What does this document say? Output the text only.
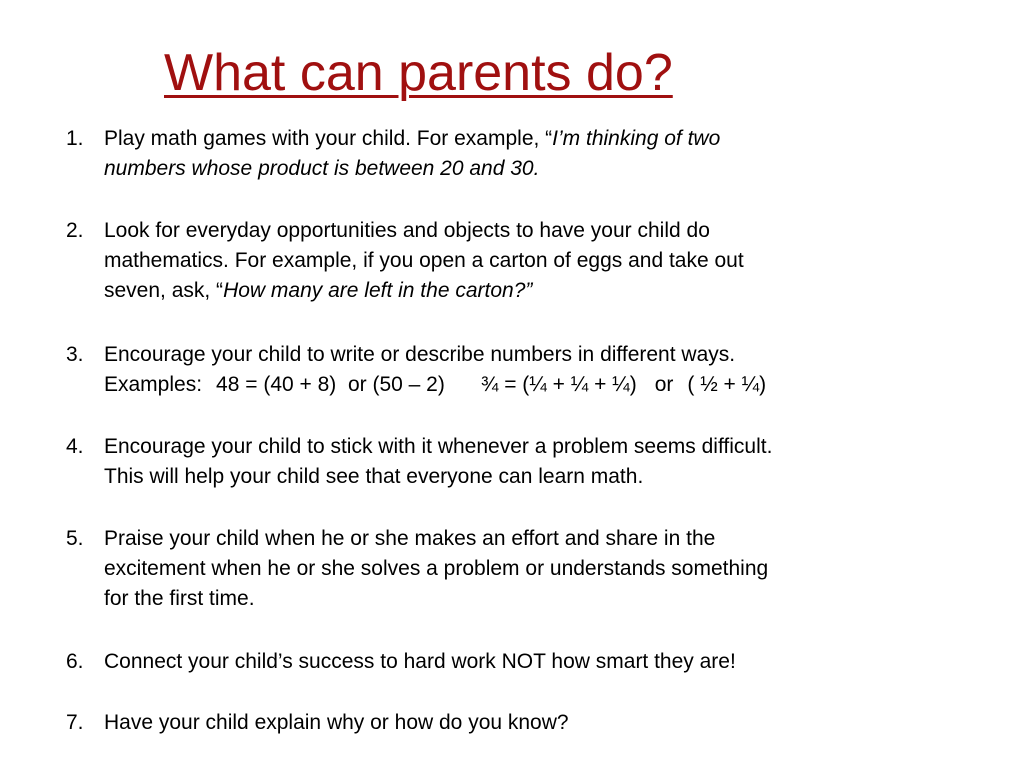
What can parents do?
1. Play math games with your child. For example, “I’m thinking of two
numbers whose product is between 20 and 30.
2. Look for everyday opportunities and objects to have your child do
mathematics. For example, if you open a carton of eggs and take out
seven, ask, “How many are left in the carton?”
3. Encourage your child to write or describe numbers in different ways.
Examples: 48 = (40 + 8)  or (50 – 2) ¾ = (¼ + ¼ + ¼) or ( ½ + ¼)
4. Encourage your child to stick with it whenever a problem seems difficult.
This will help your child see that everyone can learn math.
5. Praise your child when he or she makes an effort and share in the
excitement when he or she solves a problem or understands something
for the first time.
6. Connect your child’s success to hard work NOT how smart they are!
7. Have your child explain why or how do you know?
